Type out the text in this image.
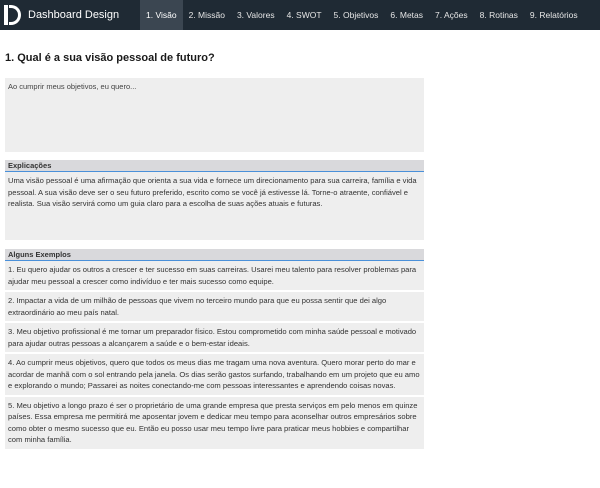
Dashboard Design	1. Visão	2. Missão	3. Valores	4. SWOT	5. Objetivos	6. Metas	7. Ações	8. Rotinas	9. Relatórios
1. Qual é a sua visão pessoal de futuro?
Ao cumprir meus objetivos, eu quero...
Explicações
Uma visão pessoal é uma afirmação que orienta a sua vida e fornece um direcionamento para sua carreira, família e vida pessoal. A sua visão deve ser o seu futuro preferido, escrito como se você já estivesse lá. Torne-o atraente, confiável e realista. Sua visão servirá como um guia claro para a escolha de suas ações atuais e futuras.
Alguns Exemplos
1. Eu quero ajudar os outros a crescer e ter sucesso em suas carreiras. Usarei meu talento para resolver problemas para ajudar meu pessoal a crescer como indivíduo e ter mais sucesso como equipe.
2. Impactar a vida de um milhão de pessoas que vivem no terceiro mundo para que eu possa sentir que dei algo extraordinário ao meu país natal.
3. Meu objetivo profissional é me tornar um preparador físico. Estou comprometido com minha saúde pessoal e motivado para ajudar outras pessoas a alcançarem a saúde e o bem-estar ideais.
4. Ao cumprir meus objetivos, quero que todos os meus dias me tragam uma nova aventura. Quero morar perto do mar e acordar de manhã com o sol entrando pela janela. Os dias serão gastos surfando, trabalhando em um projeto que eu amo e explorando o mundo; Passarei as noites conectando-me com pessoas interessantes e aprendendo coisas novas.
5. Meu objetivo a longo prazo é ser o proprietário de uma grande empresa que presta serviços em pelo menos em quinze países. Essa empresa me permitirá me aposentar jovem e dedicar meu tempo para aconselhar outros empresários sobre como obter o mesmo sucesso que eu. Então eu posso usar meu tempo livre para praticar meus hobbies e compartilhar com minha família.
